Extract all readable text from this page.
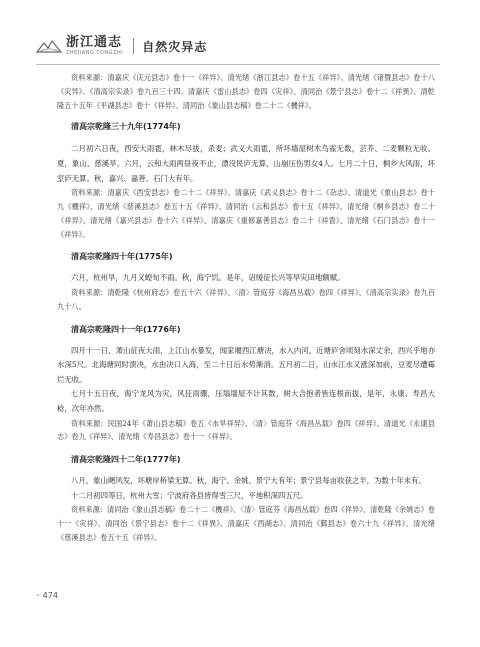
浙江通志
ZHEJIANG TONGZHI 自然灾异志

资料来源：清嘉庆《庆元县志》卷十一《祥异》、清光绪《浙江县志》卷十五《祥异》、清光绪《诸暨县志》卷十八《灾异》、《清高宗实录》卷九百三十四、清嘉庆《雷山县志》卷四《灾祥》、清同治《景宁县志》卷十二《祥異》、清乾隆五十五年《平湖县志》卷十《祥异》、清同治《象山县志稿》卷二十二《機祥》。

清高宗乾隆三十九年(1774年)

二月初六日夜，西安大雨雹，林木尽拔，杀麦；武义大雨雹，所坏墙屋树木鸟雀无数，芸芥、二麦颗粒无收。夏，象山、慈溪旱。六月，云和大雨两昼夜不止，漂没民庐无算，山崩压伤男女4人。七月二十日，桐乡大风雨，坏室庐无算。秋，嘉兴、嘉善、石门大有年。

资料来源：清嘉庆《西安县志》卷二十二《祥异》、清嘉庆《武义县志》卷十二《杂志》、清道光《象山县志》卷十九《機祥》、清光绪《慈溪县志》卷五十五《祥异》、清同治《云和县志》卷十五《祥异》、清光绪《桐乡县志》卷二十《祥异》、清光绪《嘉兴县志》卷十六《祥异》、清嘉庆《重修嘉善县志》卷二十《祥眚》、清光绪《石门县志》卷十一《祥异》。

清高宗乾隆四十年(1775年)

六月，杭州旱，九月又蝗旬不雨。秋，海宁饥。是年，诏缓征长兴等旱灾田地额赋。

资料来源：清乾隆《杭州府志》卷五十六《祥异》、〈清〉管庭芬《海昌丛载》卷四《祥异》、《清高宗实录》卷九百九十八。

清高宗乾隆四十一年(1776年)

四月十一日，萧山征夜大雨，上江山水暴发，闻家堰西江塘决，水入内河，近塘庐舍顷刻水深丈余，西兴乎地亦水深5尺。北海塘同时溃决，水由决口入海，至二十日后水势渐消。五月初二日，山水江水又涨深加前，豆麦尽遭霉烂无收。

七月十五日夜，海宁龙风为灾，风狂雨骤，压塌墙屋不计其数，树大合抱者皆连根而拔，是年，永康、寿昌大稔，次年亦然。

资料来源：民国24年《萧山县志稿》卷五《水旱祥异》、〈清〉管庭芬《海昌丛载》卷四《祥异》、清道光《永康县志》卷九《祥异》、清光绪《寿昌县志》卷十一《祥异》。

清高宗乾隆四十二年(1777年)

八月，象山飓风发，坏塘岸桥梁无算。秋，海宁、余姚、景宁大有年；景宁县每亩收获之半，为数十年未有。

十二月初四等日，杭州大雪；宁波府各县皆得雪三尺，平地积深四五尺。

资料来源：清同治《象山县志稿》卷二十二《機祥》、〈清〉管庭芬《海昌丛载》卷四《祥异》、清乾隆《余姚志》卷十一《灾祥》、清同治《景宁县志》卷十二《祥異》、清嘉庆《西湖志》、清同治《鄞县志》卷六十九《祥异》、清光绪《慈溪县志》卷五十五《祥异》。

» 474
